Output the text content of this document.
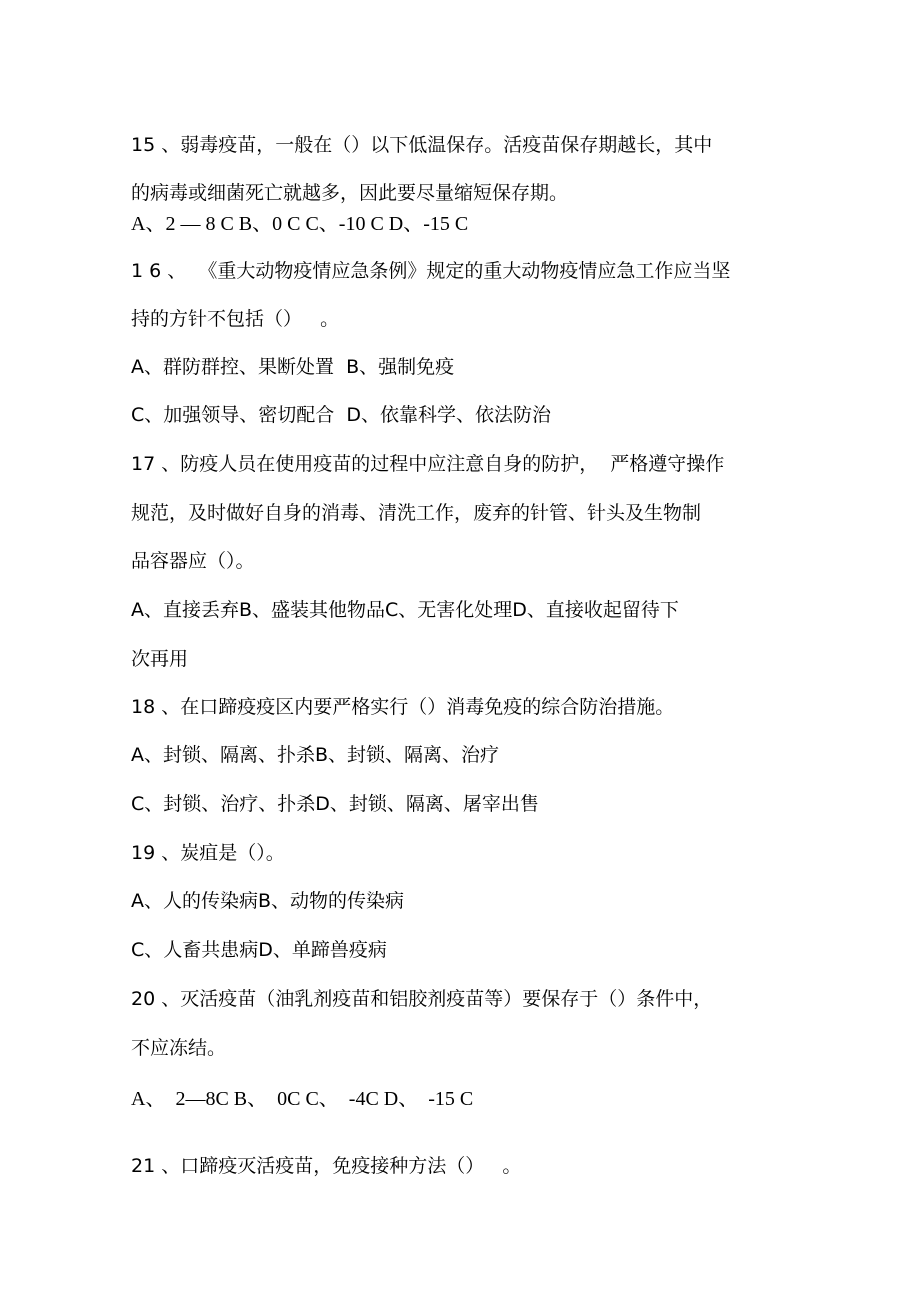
15 、弱毒疫苗，一般在（）以下低温保存。活疫苗保存期越长，其中

的病毒或细菌死亡就越多，因此要尽量缩短保存期。

A、2 — 8 C B、0 C C、-10 C D、-15 C

1 6 、  《重大动物疫情应急条例》规定的重大动物疫情应急工作应当坚

持的方针不包括（）   。

A、群防群控、果断处置  B、强制免疫

C、加强领导、密切配合  D、依靠科学、依法防治

17 、防疫人员在使用疫苗的过程中应注意自身的防护，  严格遵守操作

规范，及时做好自身的消毒、清洗工作，废弃的针管、针头及生物制

品容器应（）。

A、直接丢弃B、盛装其他物品C、无害化处理D、直接收起留待下

次再用

18 、在口蹄疫疫区内要严格实行（）消毒免疫的综合防治措施。

A、封锁、隔离、扑杀B、封锁、隔离、治疗

C、封锁、治疗、扑杀D、封锁、隔离、屠宰出售

19 、炭疽是（）。

A、人的传染病B、动物的传染病

C、人畜共患病D、单蹄兽疫病

20 、灭活疫苗（油乳剂疫苗和铝胶剂疫苗等）要保存于（）条件中，

不应冻结。

A、  2—8C B、  0C C、  -4C D、  -15 C

21 、口蹄疫灭活疫苗，免疫接种方法（）   。
